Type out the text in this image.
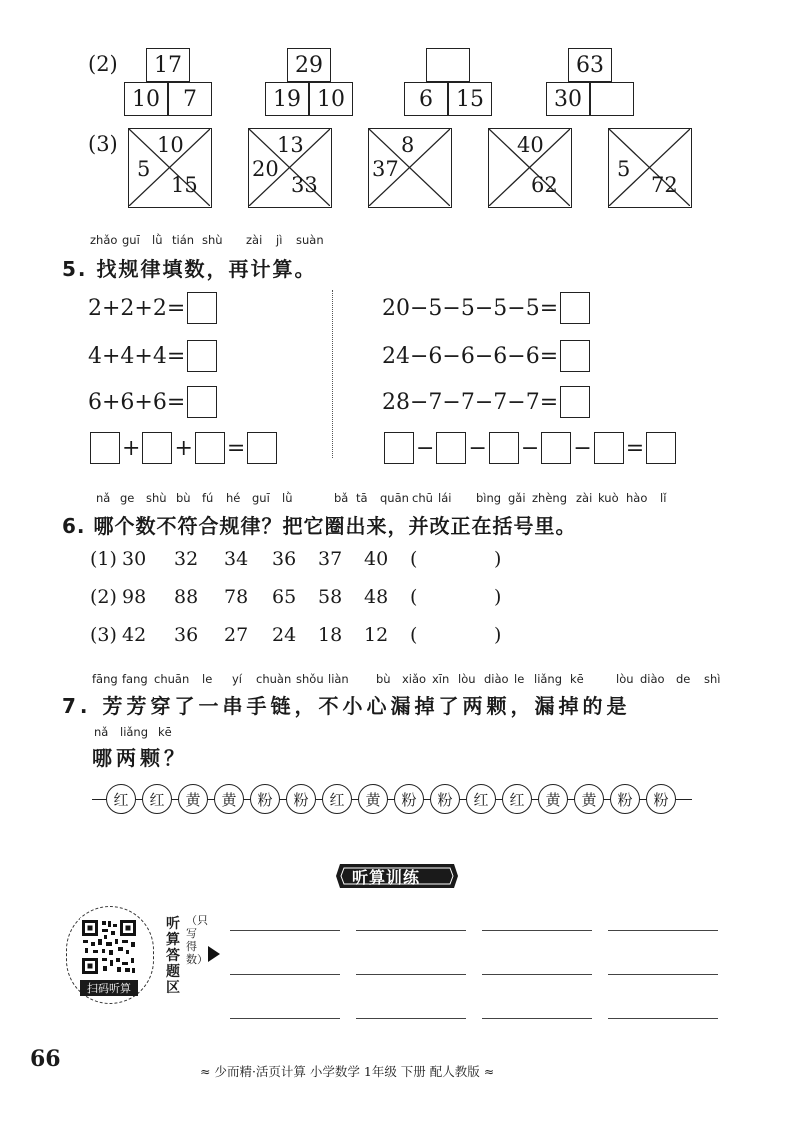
(2)	17
10	7
29
19 10	6	15
63
30
(3) 10
5
15
13
20
33
8
37
40
62
5
72
zhǎo guī lǜ tián shù zài jì suàn
5. 找规律填数，再计算。
2+2+2=
4+4+4=
6+6+6=
+ + =
20−5−5−5−5=
24−6−6−6−6=
28−7−7−7−7=
− − − − =
nǎ ge shù bù fú hé guī lǜ	bǎ tā quān chū lái bìng gǎi zhèng zài kuò hào lǐ
6. 哪个数不符合规律？把它圈出来，并改正在括号里。
(1) 30 32 34 36 37 40 (	)
(2) 98 88 78 65 58 48 (	)
(3) 42 36 27 24 18 12 (	)
fāng fang chuān le yí chuàn shǒu liàn bù xiǎo xīn lòu diào le liǎng kē	lòu diào de shì
7. 芳芳穿了一串手链，不小心漏掉了两颗，漏掉的是
nǎ liǎng kē
哪两颗？
红	红	黄	黄	粉	粉	红	黄	粉	粉	红	红	黄	黄	粉	粉
听算训练
扫码听算
听算答题区
（只写得数）
66	≈ 少而精·活页计算 小学数学 1年级 下册 配人教版 ≈
